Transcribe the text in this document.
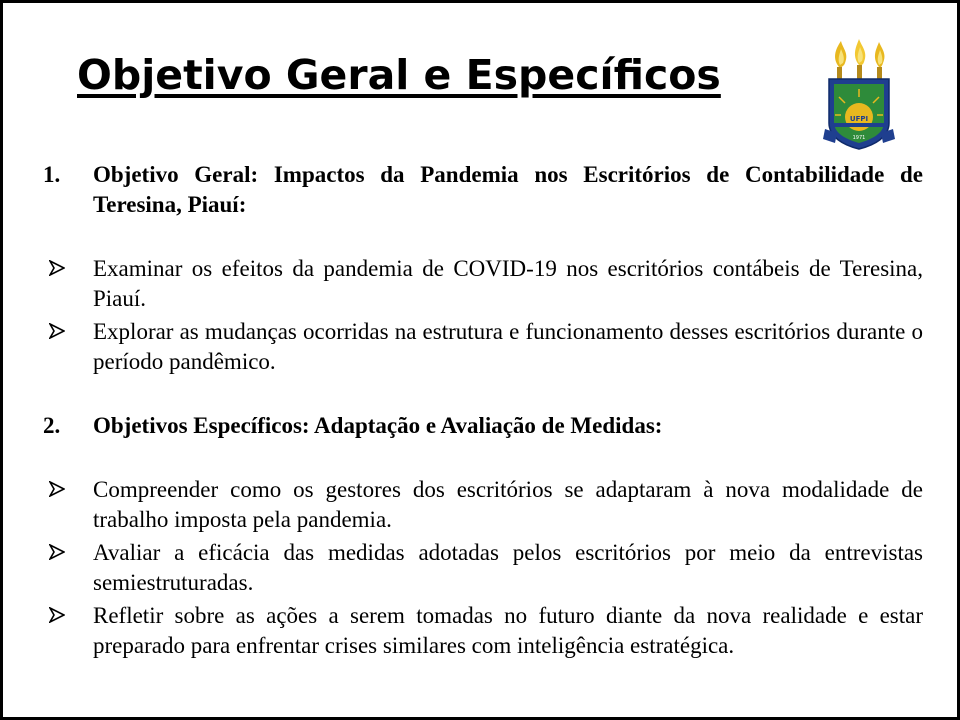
Objetivo Geral e Específicos
UFPI
1971
1.	Objetivo Geral: Impactos da Pandemia nos Escritórios de Contabilidade de Teresina, Piauí:
Examinar os efeitos da pandemia de COVID-19 nos escritórios contábeis de Teresina, Piauí.
Explorar as mudanças ocorridas na estrutura e funcionamento desses escritórios durante o período pandêmico.
2.	Objetivos Específicos: Adaptação e Avaliação de Medidas:
Compreender como os gestores dos escritórios se adaptaram à nova modalidade de trabalho imposta pela pandemia.
Avaliar a eficácia das medidas adotadas pelos escritórios por meio da entrevistas semiestruturadas.
Refletir sobre as ações a serem tomadas no futuro diante da nova realidade e estar preparado para enfrentar crises similares com inteligência estratégica.
